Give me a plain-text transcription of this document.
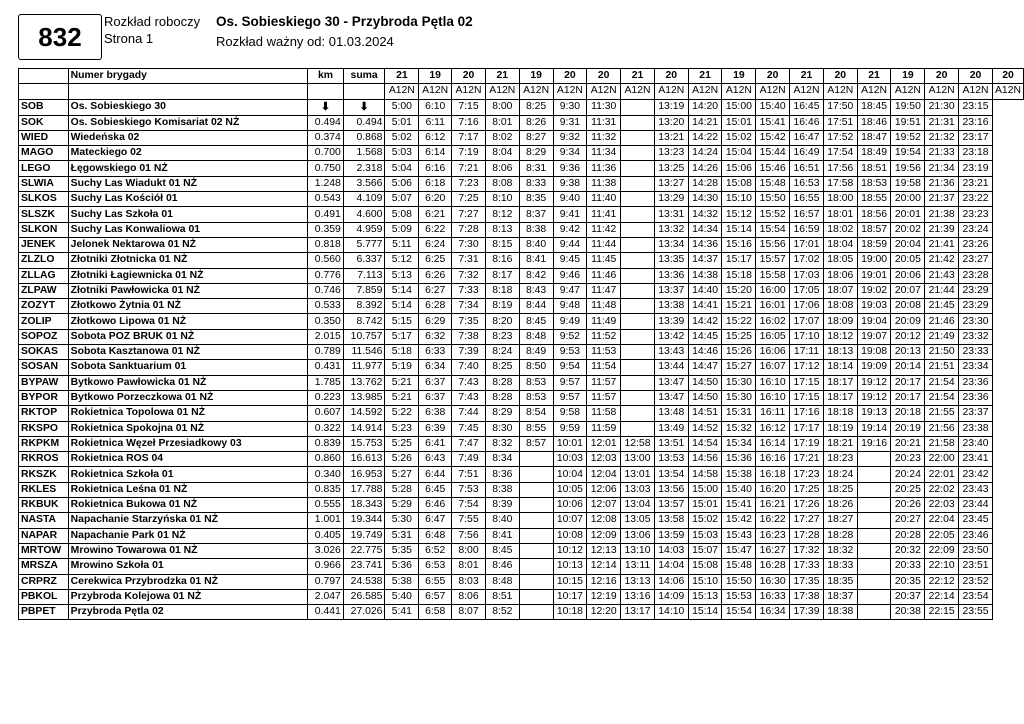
832	Rozkład roboczy Os. Sobieskiego 30 - Przybroda Pętla 02
Strona 1	Rozkład ważny od: 01.03.2024
	Numer brygady	km	suma	21	19	20	21	19	20	20	21	20	21	19	20	21	20	21	19	20	20	20
				A12N	A12N	A12N	A12N	A12N	A12N	A12N	A12N	A12N	A12N	A12N	A12N	A12N	A12N	A12N	A12N	A12N	A12N	A12N
SOB	Os. Sobieskiego 30	⬇	⬇	5:00	6:10	7:15	8:00	8:25	9:30	11:30		13:19	14:20	15:00	15:40	16:45	17:50	18:45	19:50	21:30	23:15	
SOK	Os. Sobieskiego Komisariat 02 NŻ	0.494	0.494	5:01	6:11	7:16	8:01	8:26	9:31	11:31		13:20	14:21	15:01	15:41	16:46	17:51	18:46	19:51	21:31	23:16	
WIED	Wiedeńska 02	0.374	0.868	5:02	6:12	7:17	8:02	8:27	9:32	11:32		13:21	14:22	15:02	15:42	16:47	17:52	18:47	19:52	21:32	23:17	
MAGO	Mateckiego 02	0.700	1.568	5:03	6:14	7:19	8:04	8:29	9:34	11:34		13:23	14:24	15:04	15:44	16:49	17:54	18:49	19:54	21:33	23:18	
LEGO	Łęgowskiego 01 NŻ	0.750	2.318	5:04	6:16	7:21	8:06	8:31	9:36	11:36		13:25	14:26	15:06	15:46	16:51	17:56	18:51	19:56	21:34	23:19	
SLWIA	Suchy Las Wiadukt 01 NŻ	1.248	3.566	5:06	6:18	7:23	8:08	8:33	9:38	11:38		13:27	14:28	15:08	15:48	16:53	17:58	18:53	19:58	21:36	23:21	
SLKOS	Suchy Las Kościół 01	0.543	4.109	5:07	6:20	7:25	8:10	8:35	9:40	11:40		13:29	14:30	15:10	15:50	16:55	18:00	18:55	20:00	21:37	23:22	
SLSZK	Suchy Las Szkoła 01	0.491	4.600	5:08	6:21	7:27	8:12	8:37	9:41	11:41		13:31	14:32	15:12	15:52	16:57	18:01	18:56	20:01	21:38	23:23	
SLKON	Suchy Las Konwaliowa 01	0.359	4.959	5:09	6:22	7:28	8:13	8:38	9:42	11:42		13:32	14:34	15:14	15:54	16:59	18:02	18:57	20:02	21:39	23:24	
JENEK	Jelonek Nektarowa 01 NŻ	0.818	5.777	5:11	6:24	7:30	8:15	8:40	9:44	11:44		13:34	14:36	15:16	15:56	17:01	18:04	18:59	20:04	21:41	23:26	
ZLZLO	Złotniki Złotnicka 01 NŻ	0.560	6.337	5:12	6:25	7:31	8:16	8:41	9:45	11:45		13:35	14:37	15:17	15:57	17:02	18:05	19:00	20:05	21:42	23:27	
ZLLAG	Złotniki Łagiewnicka 01 NŻ	0.776	7.113	5:13	6:26	7:32	8:17	8:42	9:46	11:46		13:36	14:38	15:18	15:58	17:03	18:06	19:01	20:06	21:43	23:28	
ZLPAW	Złotniki Pawłowicka 01 NŻ	0.746	7.859	5:14	6:27	7:33	8:18	8:43	9:47	11:47		13:37	14:40	15:20	16:00	17:05	18:07	19:02	20:07	21:44	23:29	
ZOZYT	Złotkowo Żytnia 01 NŻ	0.533	8.392	5:14	6:28	7:34	8:19	8:44	9:48	11:48		13:38	14:41	15:21	16:01	17:06	18:08	19:03	20:08	21:45	23:29	
ZOLIP	Złotkowo Lipowa 01 NŻ	0.350	8.742	5:15	6:29	7:35	8:20	8:45	9:49	11:49		13:39	14:42	15:22	16:02	17:07	18:09	19:04	20:09	21:46	23:30	
SOPOZ	Sobota POZ BRUK 01 NŻ	2.015	10.757	5:17	6:32	7:38	8:23	8:48	9:52	11:52		13:42	14:45	15:25	16:05	17:10	18:12	19:07	20:12	21:49	23:32	
SOKAS	Sobota Kasztanowa 01 NŻ	0.789	11.546	5:18	6:33	7:39	8:24	8:49	9:53	11:53		13:43	14:46	15:26	16:06	17:11	18:13	19:08	20:13	21:50	23:33	
SOSAN	Sobota Sanktuarium 01	0.431	11.977	5:19	6:34	7:40	8:25	8:50	9:54	11:54		13:44	14:47	15:27	16:07	17:12	18:14	19:09	20:14	21:51	23:34	
BYPAW	Bytkowo Pawłowicka 01 NŻ	1.785	13.762	5:21	6:37	7:43	8:28	8:53	9:57	11:57		13:47	14:50	15:30	16:10	17:15	18:17	19:12	20:17	21:54	23:36	
BYPOR	Bytkowo Porzeczkowa 01 NŻ	0.223	13.985	5:21	6:37	7:43	8:28	8:53	9:57	11:57		13:47	14:50	15:30	16:10	17:15	18:17	19:12	20:17	21:54	23:36	
RKTOP	Rokietnica Topolowa 01 NŻ	0.607	14.592	5:22	6:38	7:44	8:29	8:54	9:58	11:58		13:48	14:51	15:31	16:11	17:16	18:18	19:13	20:18	21:55	23:37	
RKSPO	Rokietnica Spokojna 01 NŻ	0.322	14.914	5:23	6:39	7:45	8:30	8:55	9:59	11:59		13:49	14:52	15:32	16:12	17:17	18:19	19:14	20:19	21:56	23:38	
RKPKM	Rokietnica Węzeł Przesiadkowy 03	0.839	15.753	5:25	6:41	7:47	8:32	8:57	10:01	12:01	12:58	13:51	14:54	15:34	16:14	17:19	18:21	19:16	20:21	21:58	23:40	
RKROS	Rokietnica ROS 04	0.860	16.613	5:26	6:43	7:49	8:34		10:03	12:03	13:00	13:53	14:56	15:36	16:16	17:21	18:23		20:23	22:00	23:41	
RKSZK	Rokietnica Szkoła 01	0.340	16.953	5:27	6:44	7:51	8:36		10:04	12:04	13:01	13:54	14:58	15:38	16:18	17:23	18:24		20:24	22:01	23:42	
RKLES	Rokietnica Leśna 01 NŻ	0.835	17.788	5:28	6:45	7:53	8:38		10:05	12:06	13:03	13:56	15:00	15:40	16:20	17:25	18:25		20:25	22:02	23:43	
RKBUK	Rokietnica Bukowa 01 NŻ	0.555	18.343	5:29	6:46	7:54	8:39		10:06	12:07	13:04	13:57	15:01	15:41	16:21	17:26	18:26		20:26	22:03	23:44	
NASTA	Napachanie Starzyńska 01 NŻ	1.001	19.344	5:30	6:47	7:55	8:40		10:07	12:08	13:05	13:58	15:02	15:42	16:22	17:27	18:27		20:27	22:04	23:45	
NAPAR	Napachanie Park 01 NŻ	0.405	19.749	5:31	6:48	7:56	8:41		10:08	12:09	13:06	13:59	15:03	15:43	16:23	17:28	18:28		20:28	22:05	23:46	
MRTOW	Mrowino Towarowa 01 NŻ	3.026	22.775	5:35	6:52	8:00	8:45		10:12	12:13	13:10	14:03	15:07	15:47	16:27	17:32	18:32		20:32	22:09	23:50	
MRSZA	Mrowino Szkoła 01	0.966	23.741	5:36	6:53	8:01	8:46		10:13	12:14	13:11	14:04	15:08	15:48	16:28	17:33	18:33		20:33	22:10	23:51	
CRPRZ	Cerekwica Przybrodzka 01 NŻ	0.797	24.538	5:38	6:55	8:03	8:48		10:15	12:16	13:13	14:06	15:10	15:50	16:30	17:35	18:35		20:35	22:12	23:52	
PBKOL	Przybroda Kolejowa 01 NŻ	2.047	26.585	5:40	6:57	8:06	8:51		10:17	12:19	13:16	14:09	15:13	15:53	16:33	17:38	18:37		20:37	22:14	23:54	
PBPET	Przybroda Pętla 02	0.441	27.026	5:41	6:58	8:07	8:52		10:18	12:20	13:17	14:10	15:14	15:54	16:34	17:39	18:38		20:38	22:15	23:55	
